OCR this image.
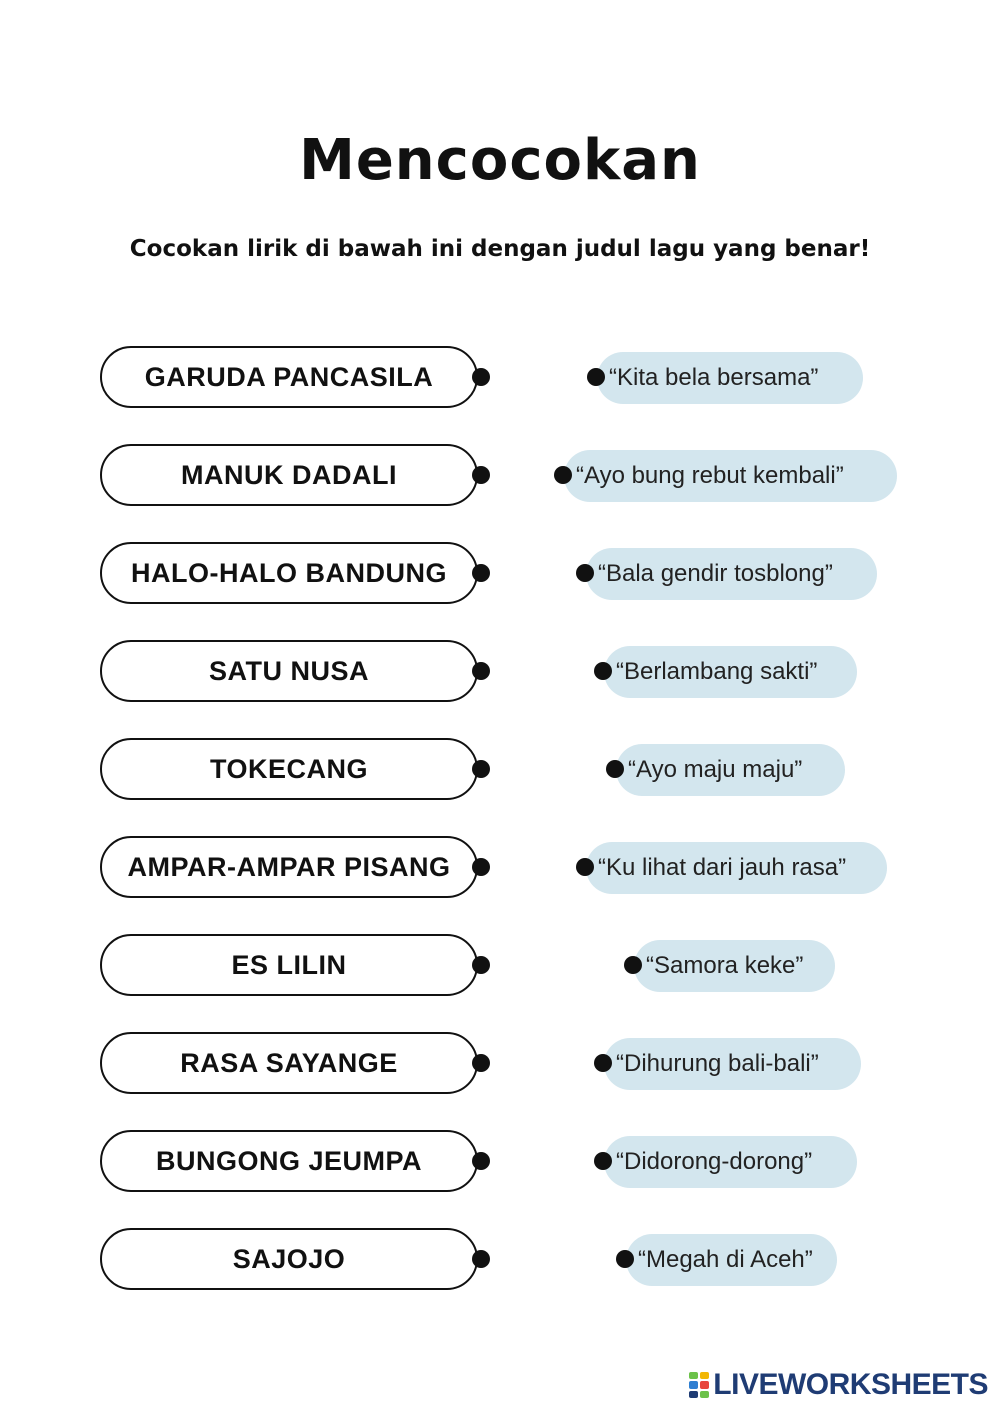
Mencocokan
Cocokan lirik di bawah ini dengan judul lagu yang benar!
GARUDA PANCASILA	“Kita bela bersama”
MANUK DADALI	“Ayo bung rebut kembali”
HALO-HALO BANDUNG	“Bala gendir tosblong”
SATU NUSA	“Berlambang sakti”
TOKECANG	“Ayo maju maju”
AMPAR-AMPAR PISANG	“Ku lihat dari jauh rasa”
ES LILIN	“Samora keke”
RASA SAYANGE	“Dihurung bali-bali”
BUNGONG JEUMPA	“Didorong-dorong”
SAJOJO	“Megah di Aceh”
LIVEWORKSHEETS
